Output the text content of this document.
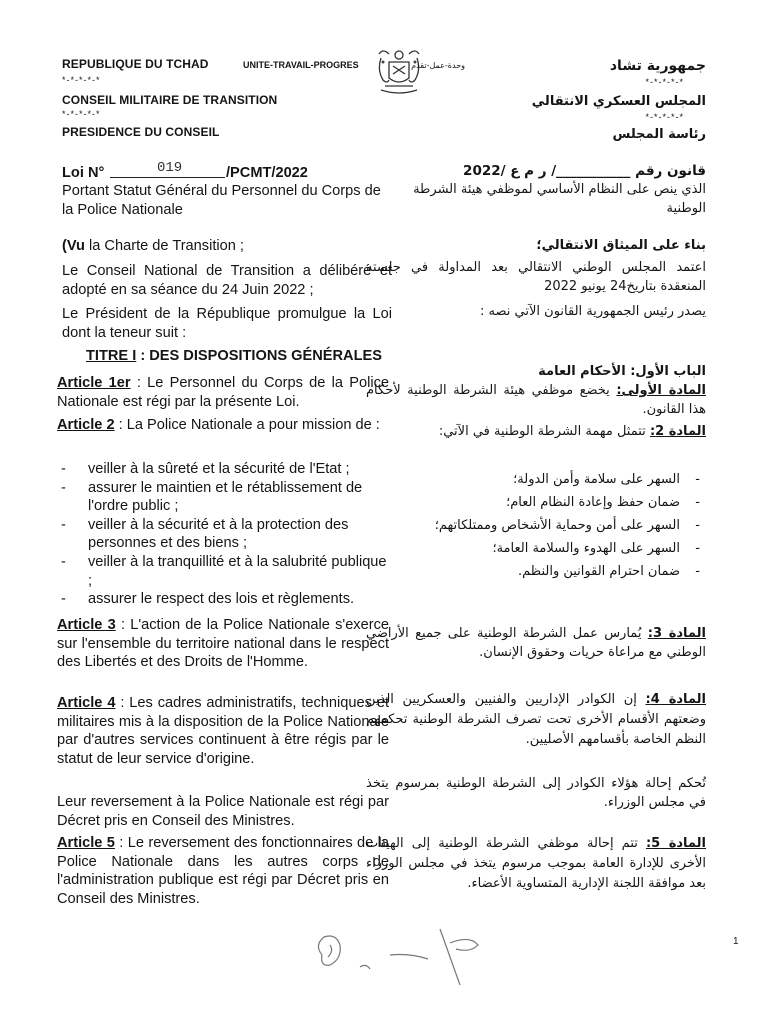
REPUBLIQUE DU TCHAD	UNITE-TRAVAIL-PROGRES
*-*-*-*-*
CONSEIL MILITAIRE DE TRANSITION
*-*-*-*-*
PRESIDENCE DU CONSEIL
وحدة-عمل-تقدم	جمهورية تشاد
*-*-*-*-*
المجلس العسكري الانتقالي
*-*-*-*-*
رئاسة المجلس
Loi N°	019	/PCMT/2022	قانون رقم ___________/ ر م ع /2022
Portant Statut Général du Personnel du Corps de la Police Nationale
(Vu la Charte de Transition ;
Le Conseil National de Transition a délibéré et adopté en sa séance du 24 Juin 2022 ;
Le Président de la République promulgue la Loi dont la teneur suit :
TITRE I : DES DISPOSITIONS GÉNÉRALES
Article 1er : Le Personnel du Corps de la Police Nationale est régi par la présente Loi.
Article 2 : La Police Nationale a pour mission de :
- veiller à la sûreté et la sécurité de l'Etat ;
- assurer le maintien et le rétablissement de l'ordre public ;
- veiller à la sécurité et à la protection des personnes et des biens ;
- veiller à la tranquillité et à la salubrité publique ;
- assurer le respect des lois et règlements.
Article 3 : L'action de la Police Nationale s'exerce sur l'ensemble du territoire national dans le respect des Libertés et des Droits de l'Homme.
Article 4 : Les cadres administratifs, techniques et militaires mis à la disposition de la Police Nationale par d'autres services continuent à être régis par le statut de leur service d'origine.
Leur reversement à la Police Nationale est régi par Décret pris en Conseil des Ministres.
Article 5 : Le reversement des fonctionnaires de la Police Nationale dans les autres corps de l'administration publique est régi par Décret pris en Conseil des Ministres.
الذي ينص على النظام الأساسي لموظفي هيئة الشرطة الوطنية
بناء على الميثاق الانتقالي؛
اعتمد المجلس الوطني الانتقالي بعد المداولة في جلسته المنعقدة بتاريخ24 يونيو 2022
يصدر رئيس الجمهورية القانون الآتي نصه :
الباب الأول: الأحكام العامة
المادة الأولى: يخضع موظفي هيئة الشرطة الوطنية لأحكام هذا القانون.
المادة 2: تتمثل مهمة الشرطة الوطنية في الآتي:
- السهر على سلامة وأمن الدولة؛
- ضمان حفظ وإعادة النظام العام؛
- السهر على أمن وحماية الأشخاص وممتلكاتهم؛
- السهر على الهدوء والسلامة العامة؛
- ضمان احترام القوانين والنظم.
المادة 3: يُمارس عمل الشرطة الوطنية على جميع الأراضي الوطني مع مراعاة حريات وحقوق الإنسان.
المادة 4: إن الكوادر الإداريين والفنيين والعسكريين الذين وضعتهم الأقسام الأخرى تحت تصرف الشرطة الوطنية تحكمهم النظم الخاصة بأقسامهم الأصليين.
تُحكم إحالة هؤلاء الكوادر إلى الشرطة الوطنية بمرسوم يتخذ في مجلس الوزراء.
المادة 5: تتم إحالة موظفي الشرطة الوطنية إلى الهيئات الأخرى للإدارة العامة بموجب مرسوم يتخذ في مجلس الوزراء بعد موافقة اللجنة الإدارية المتساوية الأعضاء.
1
